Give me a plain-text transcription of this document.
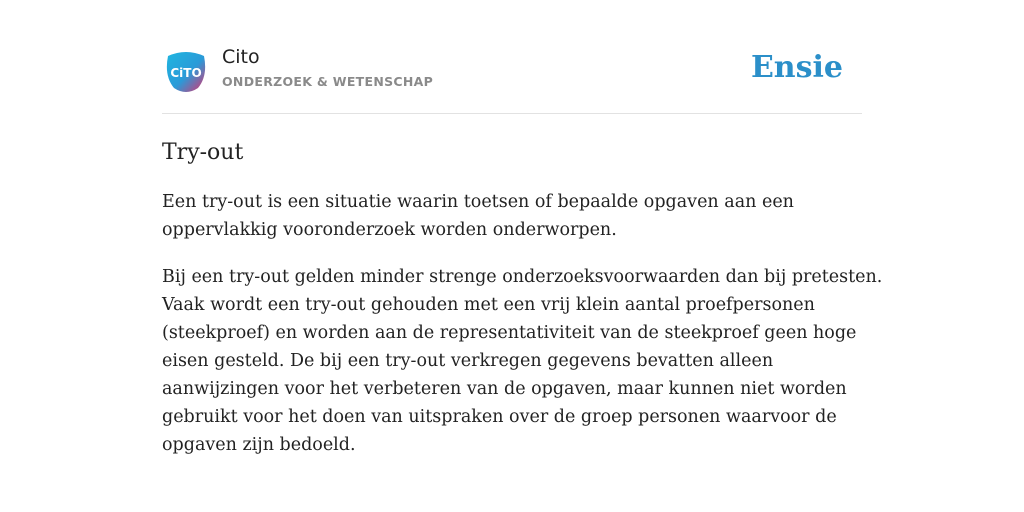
CiTO
Cito
ONDERZOEK & WETENSCHAP	Ensie
Try-out

Een try-out is een situatie waarin toetsen of bepaalde opgaven aan een
oppervlakkig vooronderzoek worden onderworpen.

Bij een try-out gelden minder strenge onderzoeksvoorwaarden dan bij pretesten.
Vaak wordt een try-out gehouden met een vrij klein aantal proefpersonen
(steekproef) en worden aan de representativiteit van de steekproef geen hoge
eisen gesteld. De bij een try-out verkregen gegevens bevatten alleen
aanwijzingen voor het verbeteren van de opgaven, maar kunnen niet worden
gebruikt voor het doen van uitspraken over de groep personen waarvoor de
opgaven zijn bedoeld.
